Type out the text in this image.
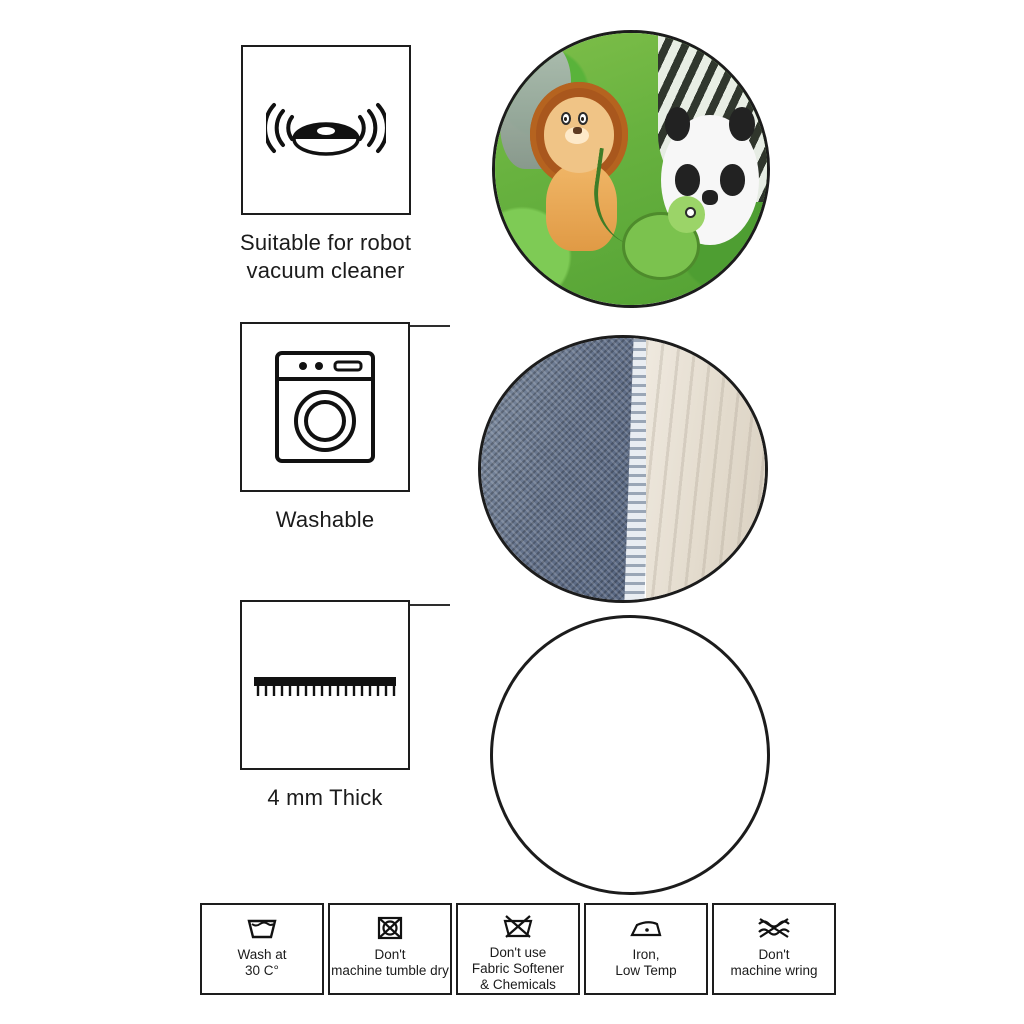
Suitable for robot
vacuum cleaner
Washable
4 mm Thick
Wash at
30 C°
Don't
machine tumble dry
Don't use
Fabric Softener
& Chemicals
Iron,
Low Temp
Don't
machine wring
